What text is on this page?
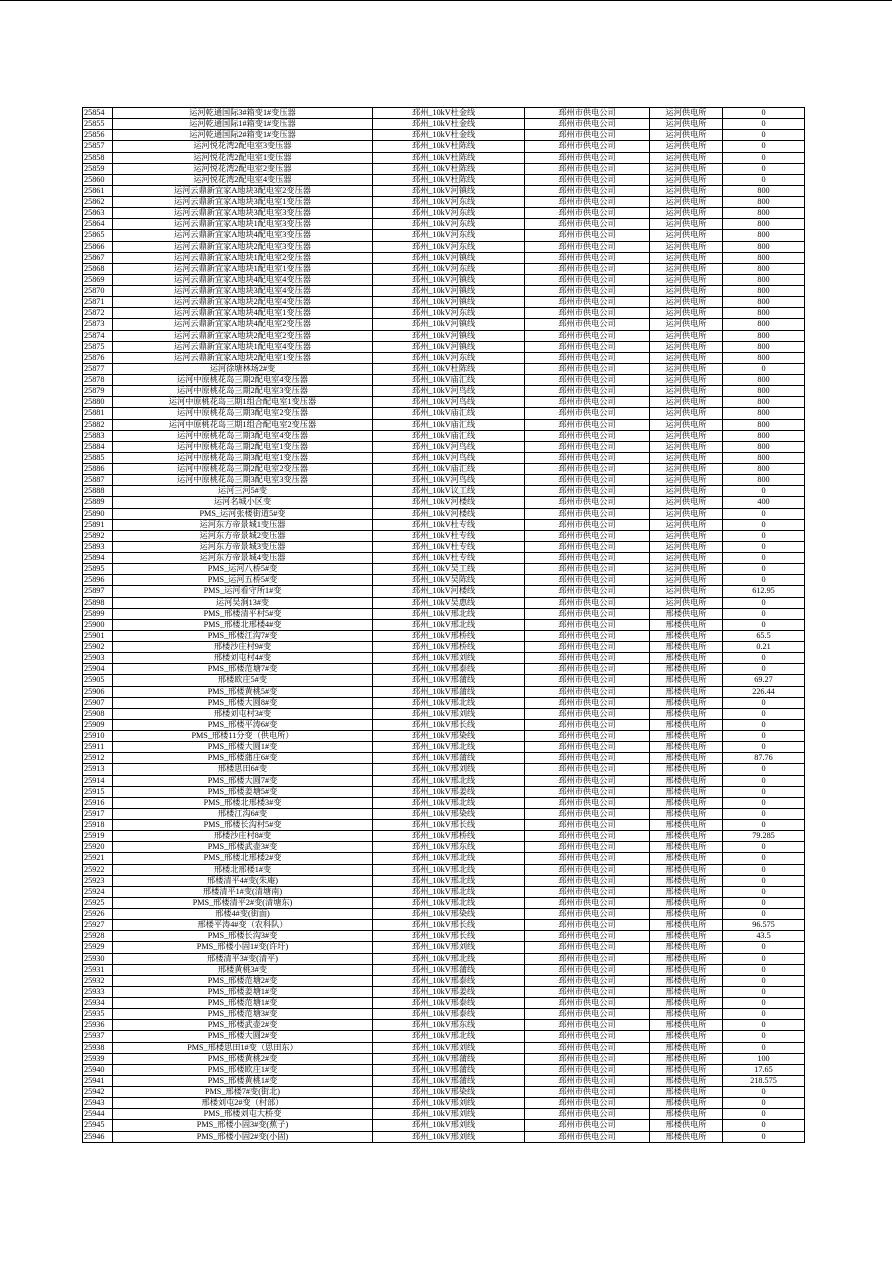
25854	运河乾通国际3#箱变1#变压器	邳州_10kV杜金线	邳州市供电公司	运河供电所	0
25855	运河乾通国际1#箱变1#变压器	邳州_10kV杜金线	邳州市供电公司	运河供电所	0
25856	运河乾通国际2#箱变1#变压器	邳州_10kV杜金线	邳州市供电公司	运河供电所	0
25857	运河悦花湾2配电室3变压器	邳州_10kV杜陈线	邳州市供电公司	运河供电所	0
25858	运河悦花湾2配电室1变压器	邳州_10kV杜陈线	邳州市供电公司	运河供电所	0
25859	运河悦花湾2配电室2变压器	邳州_10kV杜陈线	邳州市供电公司	运河供电所	0
25860	运河悦花湾2配电室4变压器	邳州_10kV杜陈线	邳州市供电公司	运河供电所	0
25861	运河云鼎新宜家A地块3配电室2变压器	邳州_10kV河镇线	邳州市供电公司	运河供电所	800
25862	运河云鼎新宜家A地块3配电室1变压器	邳州_10kV河东线	邳州市供电公司	运河供电所	800
25863	运河云鼎新宜家A地块3配电室3变压器	邳州_10kV河东线	邳州市供电公司	运河供电所	800
25864	运河云鼎新宜家A地块1配电室3变压器	邳州_10kV河东线	邳州市供电公司	运河供电所	800
25865	运河云鼎新宜家A地块4配电室3变压器	邳州_10kV河东线	邳州市供电公司	运河供电所	800
25866	运河云鼎新宜家A地块2配电室3变压器	邳州_10kV河东线	邳州市供电公司	运河供电所	800
25867	运河云鼎新宜家A地块1配电室2变压器	邳州_10kV河镇线	邳州市供电公司	运河供电所	800
25868	运河云鼎新宜家A地块1配电室1变压器	邳州_10kV河东线	邳州市供电公司	运河供电所	800
25869	运河云鼎新宜家A地块4配电室4变压器	邳州_10kV河镇线	邳州市供电公司	运河供电所	800
25870	运河云鼎新宜家A地块3配电室4变压器	邳州_10kV河镇线	邳州市供电公司	运河供电所	800
25871	运河云鼎新宜家A地块2配电室4变压器	邳州_10kV河镇线	邳州市供电公司	运河供电所	800
25872	运河云鼎新宜家A地块4配电室1变压器	邳州_10kV河东线	邳州市供电公司	运河供电所	800
25873	运河云鼎新宜家A地块4配电室2变压器	邳州_10kV河镇线	邳州市供电公司	运河供电所	800
25874	运河云鼎新宜家A地块2配电室2变压器	邳州_10kV河镇线	邳州市供电公司	运河供电所	800
25875	运河云鼎新宜家A地块1配电室4变压器	邳州_10kV河镇线	邳州市供电公司	运河供电所	800
25876	运河云鼎新宜家A地块2配电室1变压器	邳州_10kV河东线	邳州市供电公司	运河供电所	800
25877	运河徐塘林场2#变	邳州_10kV杜陈线	邳州市供电公司	运河供电所	0
25878	运河中原桃花岛三期2配电室4变压器	邳州_10kV庙汇线	邳州市供电公司	运河供电所	800
25879	运河中原桃花岛三期2配电室3变压器	邳州_10kV河鸟线	邳州市供电公司	运河供电所	800
25880	运河中原桃花岛三期1组合配电室1变压器	邳州_10kV河鸟线	邳州市供电公司	运河供电所	800
25881	运河中原桃花岛三期3配电室2变压器	邳州_10kV庙汇线	邳州市供电公司	运河供电所	800
25882	运河中原桃花岛三期1组合配电室2变压器	邳州_10kV庙汇线	邳州市供电公司	运河供电所	800
25883	运河中原桃花岛三期3配电室4变压器	邳州_10kV庙汇线	邳州市供电公司	运河供电所	800
25884	运河中原桃花岛三期2配电室1变压器	邳州_10kV河鸟线	邳州市供电公司	运河供电所	800
25885	运河中原桃花岛三期3配电室1变压器	邳州_10kV河鸟线	邳州市供电公司	运河供电所	800
25886	运河中原桃花岛三期2配电室2变压器	邳州_10kV庙汇线	邳州市供电公司	运河供电所	800
25887	运河中原桃花岛三期3配电室3变压器	邳州_10kV河鸟线	邳州市供电公司	运河供电所	800
25888	运河三河5#变	邳州_10kV议工线	邳州市供电公司	运河供电所	0
25889	运河名城小区变	邳州_10kV河楼线	邳州市供电公司	运河供电所	400
25890	PMS_运河张楼街道5#变	邳州_10kV河楼线	邳州市供电公司	运河供电所	0
25891	运河东方帝景城1变压器	邳州_10kV杜专线	邳州市供电公司	运河供电所	0
25892	运河东方帝景城2变压器	邳州_10kV杜专线	邳州市供电公司	运河供电所	0
25893	运河东方帝景城3变压器	邳州_10kV杜专线	邳州市供电公司	运河供电所	0
25894	运河东方帝景城4变压器	邳州_10kV杜专线	邳州市供电公司	运河供电所	0
25895	PMS_运河八桥5#变	邳州_10kV吴工线	邳州市供电公司	运河供电所	0
25896	PMS_运河五桥5#变	邳州_10kV吴陈线	邳州市供电公司	运河供电所	0
25897	PMS_运河看守所1#变	邳州_10kV河楼线	邳州市供电公司	运河供电所	612.95
25898	运河吴涧13#变	邳州_10kV吴惠线	邳州市供电公司	运河供电所	0
25899	PMS_邢楼清平村5#变	邳州_10kV邢北线	邳州市供电公司	邢楼供电所	0
25900	PMS_邢楼北邢楼4#变	邳州_10kV邢北线	邳州市供电公司	邢楼供电所	0
25901	PMS_邢楼江沟7#变	邳州_10kV邢桥线	邳州市供电公司	邢楼供电所	65.5
25902	邢楼沙庄村9#变	邳州_10kV邢桥线	邳州市供电公司	邢楼供电所	0.21
25903	邢楼刘屯村4#变	邳州_10kV邢刘线	邳州市供电公司	邢楼供电所	0
25904	PMS_邢楼范塘7#变	邳州_10kV邢泰线	邳州市供电公司	邢楼供电所	0
25905	邢楼欧庄5#变	邳州_10kV邢蒲线	邳州市供电公司	邢楼供电所	69.27
25906	PMS_邢楼黄桃5#变	邳州_10kV邢蒲线	邳州市供电公司	邢楼供电所	226.44
25907	PMS_邢楼大圆8#变	邳州_10kV邢北线	邳州市供电公司	邢楼供电所	0
25908	邢楼刘屯村3#变	邳州_10kV邢刘线	邳州市供电公司	邢楼供电所	0
25909	PMS_邢楼平涛6#变	邳州_10kV邢长线	邳州市供电公司	邢楼供电所	0
25910	PMS_邢楼11分变（供电所）	邳州_10kV邢染线	邳州市供电公司	邢楼供电所	0
25911	PMS_邢楼大圆1#变	邳州_10kV邢北线	邳州市供电公司	邢楼供电所	0
25912	PMS_邢楼蒲庄6#变	邳州_10kV邢蒲线	邳州市供电公司	邢楼供电所	87.76
25913	邢楼思田6#变	邳州_10kV邢刘线	邳州市供电公司	邢楼供电所	0
25914	PMS_邢楼大圆7#变	邳州_10kV邢北线	邳州市供电公司	邢楼供电所	0
25915	PMS_邢楼姜塘5#变	邳州_10kV邢姜线	邳州市供电公司	邢楼供电所	0
25916	PMS_邢楼北邢楼3#变	邳州_10kV邢北线	邳州市供电公司	邢楼供电所	0
25917	邢楼江沟6#变	邳州_10kV邢染线	邳州市供电公司	邢楼供电所	0
25918	PMS_邢楼长沟村5#变	邳州_10kV邢长线	邳州市供电公司	邢楼供电所	0
25919	邢楼沙庄村8#变	邳州_10kV邢桥线	邳州市供电公司	邢楼供电所	79.285
25920	PMS_邢楼武壶3#变	邳州_10kV邢东线	邳州市供电公司	邢楼供电所	0
25921	PMS_邢楼北邢楼2#变	邳州_10kV邢北线	邳州市供电公司	邢楼供电所	0
25922	邢楼北邢楼1#变	邳州_10kV邢北线	邳州市供电公司	邢楼供电所	0
25923	邢楼清平4#变(朱庵)	邳州_10kV邢北线	邳州市供电公司	邢楼供电所	0
25924	邢楼清平1#变(清塘南)	邳州_10kV邢北线	邳州市供电公司	邢楼供电所	0
25925	PMS_邢楼清平2#变(清塘东)	邳州_10kV邢北线	邳州市供电公司	邢楼供电所	0
25926	邢楼4#变(街面)	邳州_10kV邢染线	邳州市供电公司	邢楼供电所	0
25927	邢楼平涛4#变（农科队）	邳州_10kV邢长线	邳州市供电公司	邢楼供电所	96.575
25928	PMS_邢楼长沟3#变	邳州_10kV邢长线	邳州市供电公司	邢楼供电所	43.5
25929	PMS_邢楼小固1#变(许圩)	邳州_10kV邢刘线	邳州市供电公司	邢楼供电所	0
25930	邢楼清平3#变(清平)	邳州_10kV邢北线	邳州市供电公司	邢楼供电所	0
25931	邢楼黄桃3#变	邳州_10kV邢蒲线	邳州市供电公司	邢楼供电所	0
25932	PMS_邢楼范塘2#变	邳州_10kV邢泰线	邳州市供电公司	邢楼供电所	0
25933	PMS_邢楼姜塘1#变	邳州_10kV邢姜线	邳州市供电公司	邢楼供电所	0
25934	PMS_邢楼范塘1#变	邳州_10kV邢泰线	邳州市供电公司	邢楼供电所	0
25935	PMS_邢楼范塘3#变	邳州_10kV邢泰线	邳州市供电公司	邢楼供电所	0
25936	PMS_邢楼武壶2#变	邳州_10kV邢东线	邳州市供电公司	邢楼供电所	0
25937	PMS_邢楼大圆2#变	邳州_10kV邢北线	邳州市供电公司	邢楼供电所	0
25938	PMS_邢楼思田1#变（思田东）	邳州_10kV邢刘线	邳州市供电公司	邢楼供电所	0
25939	PMS_邢楼黄桃2#变	邳州_10kV邢蒲线	邳州市供电公司	邢楼供电所	100
25940	PMS_邢楼欧庄1#变	邳州_10kV邢蒲线	邳州市供电公司	邢楼供电所	17.65
25941	PMS_邢楼黄桃1#变	邳州_10kV邢蒲线	邳州市供电公司	邢楼供电所	218.575
25942	PMS_邢楼7#变(街北)	邳州_10kV邢染线	邳州市供电公司	邢楼供电所	0
25943	邢楼刘屯2#变（村部）	邳州_10kV邢刘线	邳州市供电公司	邢楼供电所	0
25944	PMS_邢楼刘屯大桥变	邳州_10kV邢刘线	邳州市供电公司	邢楼供电所	0
25945	PMS_邢楼小固3#变(蕉子)	邳州_10kV邢刘线	邳州市供电公司	邢楼供电所	0
25946	PMS_邢楼小固2#变(小固)	邳州_10kV邢刘线	邳州市供电公司	邢楼供电所	0
